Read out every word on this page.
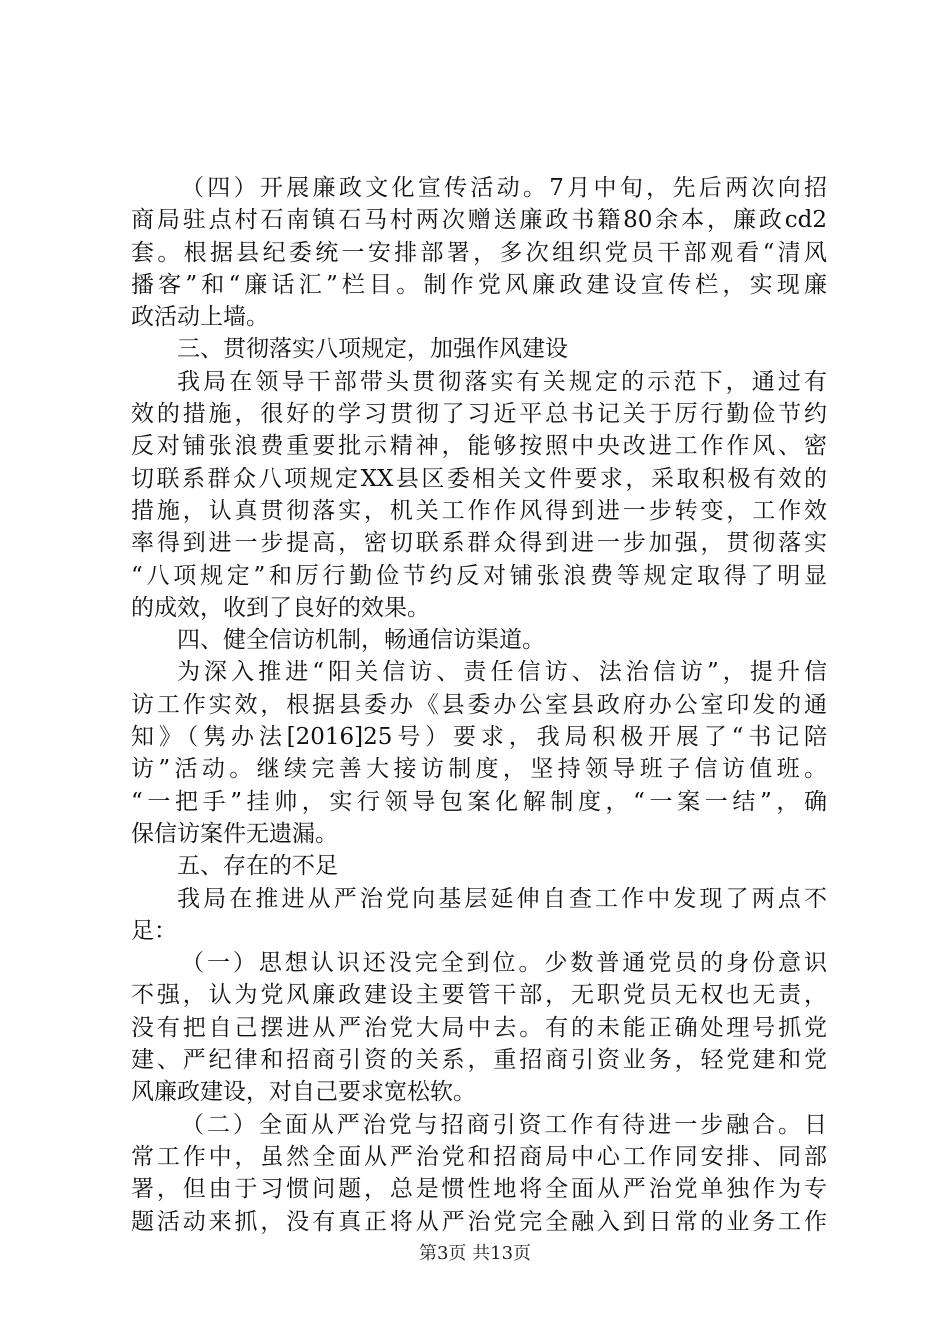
（四）开展廉政文化宣传活动。7月中旬，先后两次向招
商局驻点村石南镇石马村两次赠送廉政书籍80余本，廉政cd2
套。根据县纪委统一安排部署，多次组织党员干部观看“清风
播客”和“廉话汇”栏目。制作党风廉政建设宣传栏，实现廉
政活动上墙。
三、贯彻落实八项规定，加强作风建设
我局在领导干部带头贯彻落实有关规定的示范下，通过有
效的措施，很好的学习贯彻了习近平总书记关于厉行勤俭节约
反对铺张浪费重要批示精神，能够按照中央改进工作作风、密
切联系群众八项规定XX县区委相关文件要求，采取积极有效的
措施，认真贯彻落实，机关工作作风得到进一步转变，工作效
率得到进一步提高，密切联系群众得到进一步加强，贯彻落实
“八项规定”和厉行勤俭节约反对铺张浪费等规定取得了明显
的成效，收到了良好的效果。
四、健全信访机制，畅通信访渠道。
为深入推进“阳关信访、责任信访、法治信访”，提升信
访工作实效，根据县委办《县委办公室县政府办公室印发的通
知》（隽办法[2016]25号）要求，我局积极开展了“书记陪
访”活动。继续完善大接访制度，坚持领导班子信访值班。
“一把手”挂帅，实行领导包案化解制度，“一案一结”，确
保信访案件无遗漏。
五、存在的不足
我局在推进从严治党向基层延伸自查工作中发现了两点不
足：
（一）思想认识还没完全到位。少数普通党员的身份意识
不强，认为党风廉政建设主要管干部，无职党员无权也无责，
没有把自己摆进从严治党大局中去。有的未能正确处理号抓党
建、严纪律和招商引资的关系，重招商引资业务，轻党建和党
风廉政建设，对自己要求宽松软。
（二）全面从严治党与招商引资工作有待进一步融合。日
常工作中，虽然全面从严治党和招商局中心工作同安排、同部
署，但由于习惯问题，总是惯性地将全面从严治党单独作为专
题活动来抓，没有真正将从严治党完全融入到日常的业务工作
第3页 共13页
